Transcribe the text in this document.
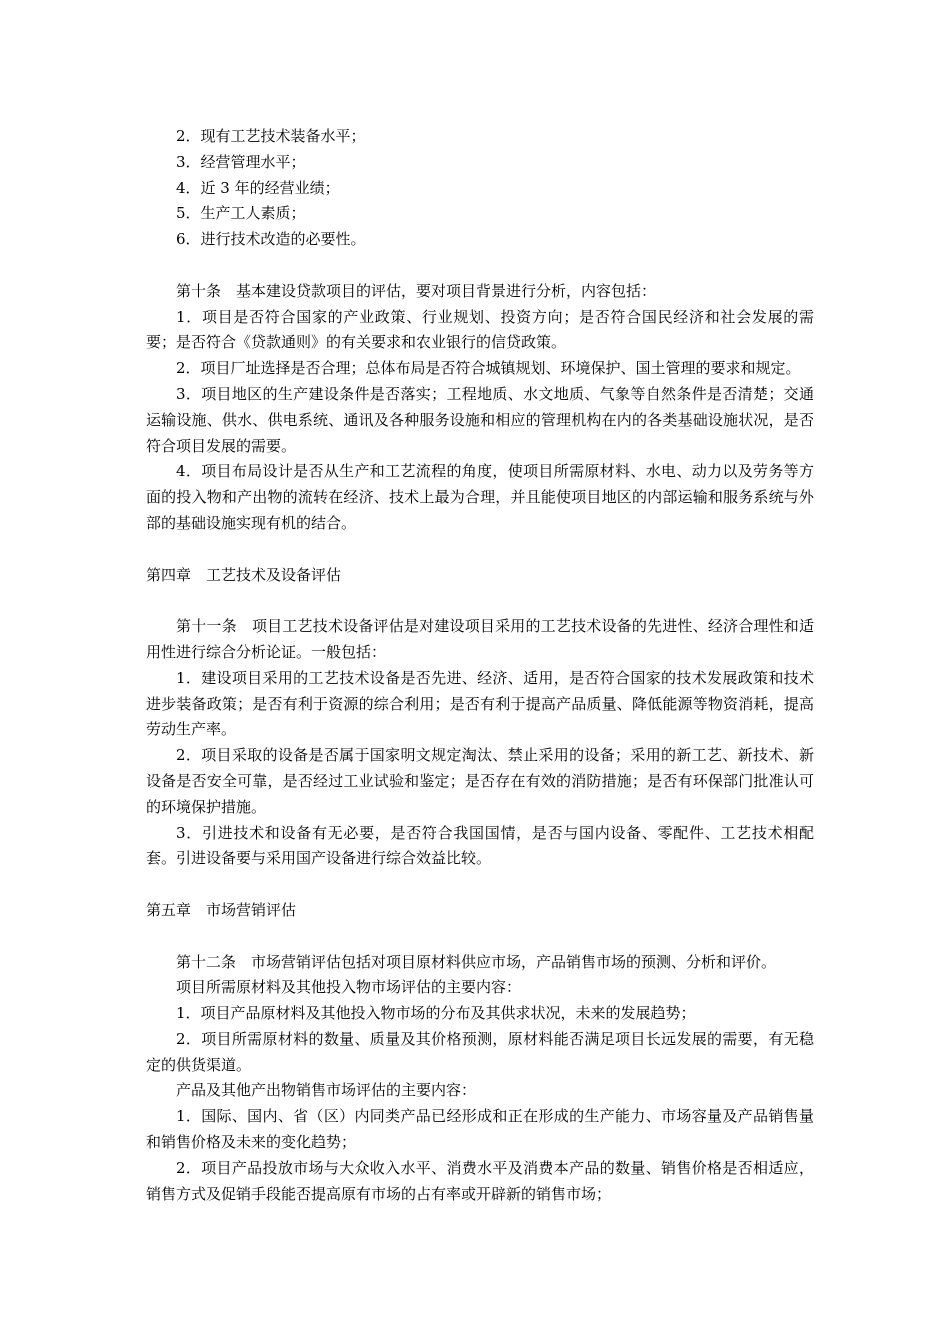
2．现有工艺技术装备水平；

3．经营管理水平；

4．近 3 年的经营业绩；

5．生产工人素质；

6．进行技术改造的必要性。

第十条　基本建设贷款项目的评估，要对项目背景进行分析，内容包括：

1．项目是否符合国家的产业政策、行业规划、投资方向；是否符合国民经济和社会发展的需要；是否符合《贷款通则》的有关要求和农业银行的信贷政策。

2．项目厂址选择是否合理；总体布局是否符合城镇规划、环境保护、国土管理的要求和规定。

3．项目地区的生产建设条件是否落实；工程地质、水文地质、气象等自然条件是否清楚；交通运输设施、供水、供电系统、通讯及各种服务设施和相应的管理机构在内的各类基础设施状况，是否符合项目发展的需要。

4．项目布局设计是否从生产和工艺流程的角度，使项目所需原材料、水电、动力以及劳务等方面的投入物和产出物的流转在经济、技术上最为合理，并且能使项目地区的内部运输和服务系统与外部的基础设施实现有机的结合。

第四章　工艺技术及设备评估

第十一条　项目工艺技术设备评估是对建设项目采用的工艺技术设备的先进性、经济合理性和适用性进行综合分析论证。一般包括：

1．建设项目采用的工艺技术设备是否先进、经济、适用，是否符合国家的技术发展政策和技术进步装备政策；是否有利于资源的综合利用；是否有利于提高产品质量、降低能源等物资消耗，提高劳动生产率。

2．项目采取的设备是否属于国家明文规定淘汰、禁止采用的设备；采用的新工艺、新技术、新设备是否安全可靠，是否经过工业试验和鉴定；是否存在有效的消防措施；是否有环保部门批准认可的环境保护措施。

3．引进技术和设备有无必要，是否符合我国国情，是否与国内设备、零配件、工艺技术相配套。引进设备要与采用国产设备进行综合效益比较。

第五章　市场营销评估

第十二条　市场营销评估包括对项目原材料供应市场，产品销售市场的预测、分析和评价。

项目所需原材料及其他投入物市场评估的主要内容：

1．项目产品原材料及其他投入物市场的分布及其供求状况，未来的发展趋势；

2．项目所需原材料的数量、质量及其价格预测，原材料能否满足项目长远发展的需要，有无稳定的供货渠道。

产品及其他产出物销售市场评估的主要内容：

1．国际、国内、省（区）内同类产品已经形成和正在形成的生产能力、市场容量及产品销售量和销售价格及未来的变化趋势；

2．项目产品投放市场与大众收入水平、消费水平及消费本产品的数量、销售价格是否相适应，销售方式及促销手段能否提高原有市场的占有率或开辟新的销售市场；
